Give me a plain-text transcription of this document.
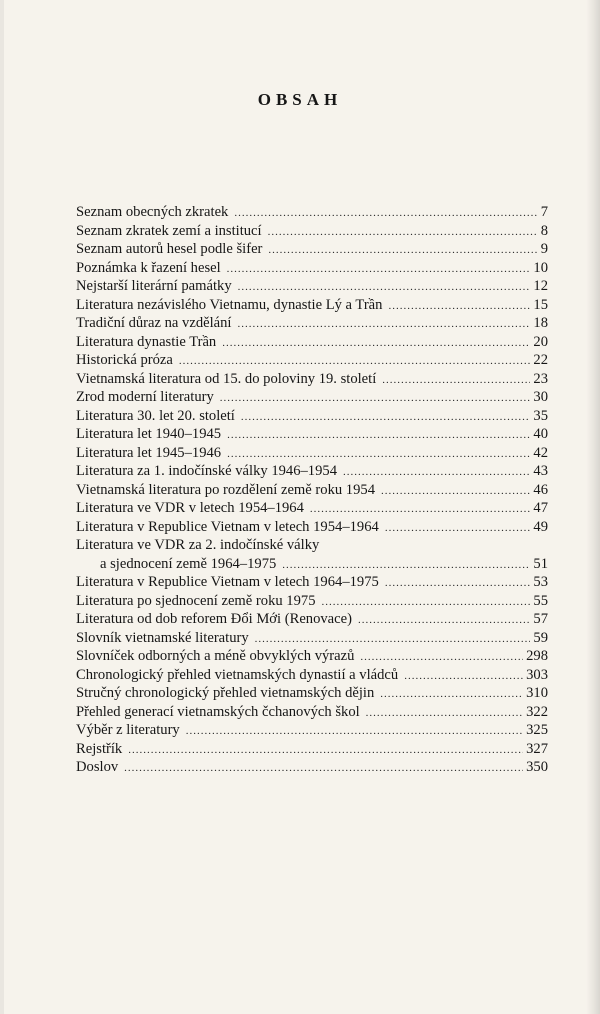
OBSAH
Seznam obecných zkratek .....	7
Seznam zkratek zemí a institucí .....	8
Seznam autorů hesel podle šifer .....	9
Poznámka k řazení hesel .....	10
Nejstarší literární památky .....	12
Literatura nezávislého Vietnamu, dynastie Lý a Trần .....	15
Tradiční důraz na vzdělání .....	18
Literatura dynastie Trần .....	20
Historická próza .....	22
Vietnamská literatura od 15. do poloviny 19. století .....	23
Zrod moderní literatury .....	30
Literatura 30. let 20. století .....	35
Literatura let 1940–1945 .....	40
Literatura let 1945–1946 .....	42
Literatura za 1. indočínské války 1946–1954 .....	43
Vietnamská literatura po rozdělení země roku 1954 .....	46
Literatura ve VDR v letech 1954–1964 .....	47
Literatura v Republice Vietnam v letech 1954–1964 .....	49
Literatura ve VDR za 2. indočínské války
a sjednocení země 1964–1975 .....	51
Literatura v Republice Vietnam v letech 1964–1975 .....	53
Literatura po sjednocení země roku 1975 .....	55
Literatura od dob reforem Đổi Mới (Renovace) .....	57
Slovník vietnamské literatury .....	59
Slovníček odborných a méně obvyklých výrazů .....	298
Chronologický přehled vietnamských dynastií a vládců .....	303
Stručný chronologický přehled vietnamských dějin .....	310
Přehled generací vietnamských čchanových škol .....	322
Výběr z literatury .....	325
Rejstřík .....	327
Doslov .....	350
